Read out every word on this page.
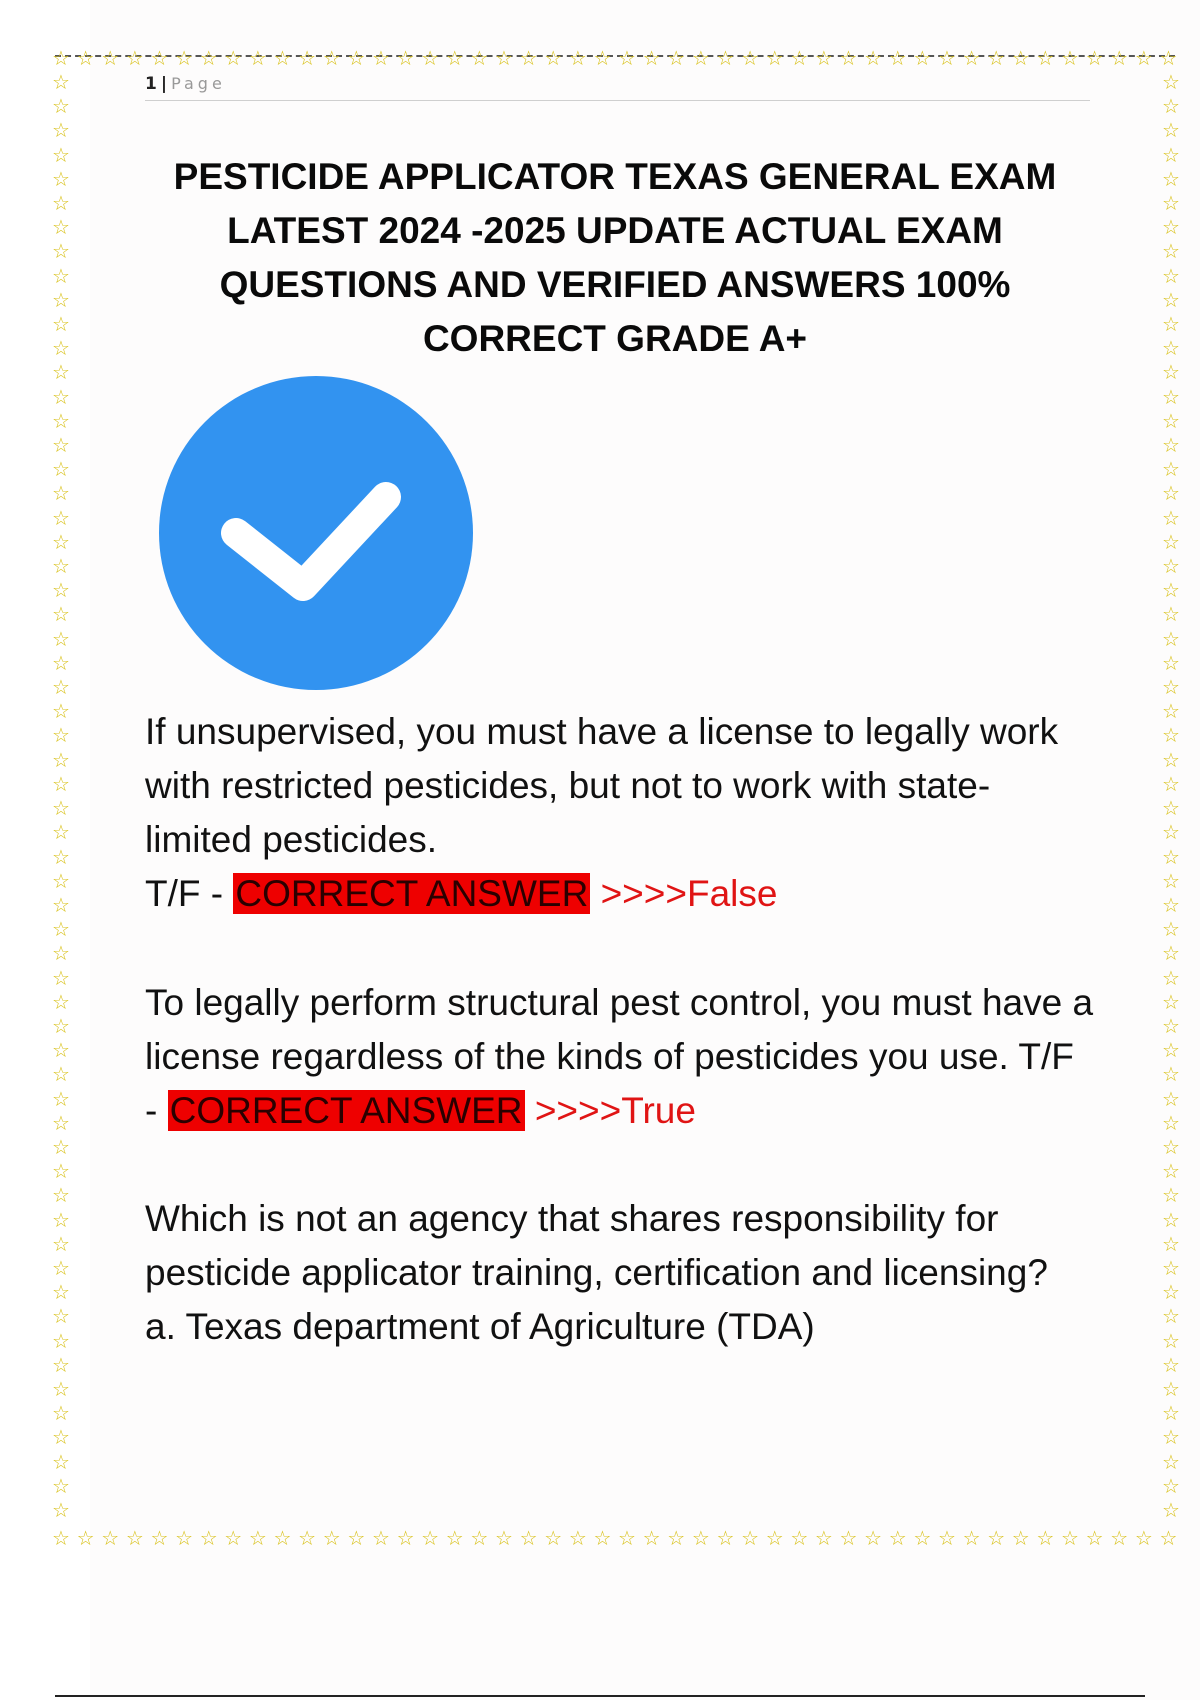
☆ ☆ ☆ ☆ ☆ ☆ ☆ ☆ ☆ ☆ ☆ ☆ ☆ ☆ ☆ ☆ ☆ ☆ ☆ ☆ ☆ ☆ ☆ ☆ ☆ ☆ ☆ ☆ ☆ ☆ ☆ ☆ ☆ ☆ ☆ ☆ ☆ ☆ ☆ ☆ ☆ ☆ ☆ ☆ ☆ ☆
☆ ☆ ☆ ☆ ☆ ☆ ☆ ☆ ☆ ☆ ☆ ☆ ☆ ☆ ☆ ☆ ☆ ☆ ☆ ☆ ☆ ☆ ☆ ☆ ☆ ☆ ☆ ☆ ☆ ☆ ☆ ☆ ☆ ☆ ☆ ☆ ☆ ☆ ☆ ☆ ☆ ☆ ☆ ☆ ☆ ☆
☆
☆
☆
☆
☆
☆
☆
☆
☆
☆
☆
☆
☆
☆
☆
☆
☆
☆
☆
☆
☆
☆
☆
☆
☆
☆
☆
☆
☆
☆
☆
☆
☆
☆
☆
☆
☆
☆
☆
☆
☆
☆
☆
☆
☆
☆
☆
☆
☆
☆
☆
☆
☆
☆
☆
☆
☆
☆
☆
☆
☆
☆
☆
☆
☆
☆
☆
☆
☆
☆
☆
☆
☆
☆
☆
☆
☆
☆
☆
☆
☆
☆
☆
☆
☆
☆
☆
☆
☆
☆
☆
☆
☆
☆
☆
☆
☆
☆
☆
☆
☆
☆
☆
☆
☆
☆
☆
☆
☆
☆
☆
☆
☆
☆
☆
☆
☆
☆
☆
☆
1 | Page
PESTICIDE APPLICATOR TEXAS GENERAL EXAM LATEST 2024 -2025 UPDATE ACTUAL EXAM QUESTIONS AND VERIFIED ANSWERS 100% CORRECT GRADE A+
If unsupervised, you must have a license to legally work with restricted pesticides, but not to work with state-limited pesticides.
T/F - CORRECT ANSWER >>>>False
To legally perform structural pest control, you must have a license regardless of the kinds of pesticides you use. T/F - CORRECT ANSWER >>>>True
Which is not an agency that shares responsibility for pesticide applicator training, certification and licensing?
a. Texas department of Agriculture (TDA)
